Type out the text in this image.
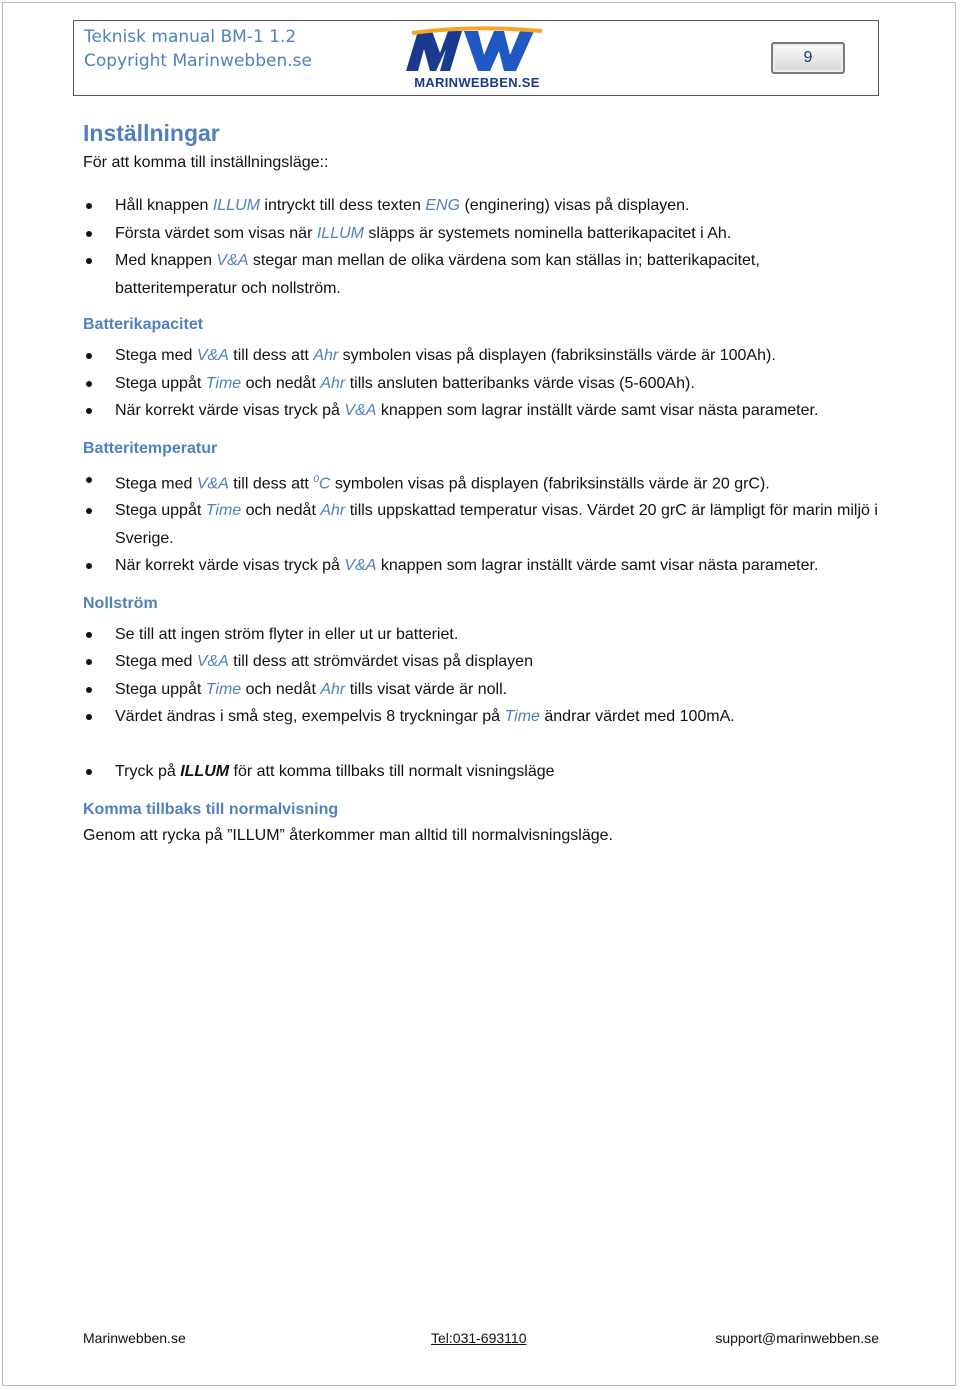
Teknisk manual BM-1 1.2
Copyright Marinwebben.se
MARINWEBBEN.SE
9
Inställningar

För att komma till inställningsläge::

Håll knappen ILLUM intryckt till dess texten ENG (enginering) visas på displayen.
Första värdet som visas när ILLUM släpps är systemets nominella batterikapacitet i Ah.
Med knappen V&A stegar man mellan de olika värdena som kan ställas in; batterikapacitet, batteritemperatur och nollström.
Batterikapacitet
Stega med V&A till dess att Ahr symbolen visas på displayen (fabriksinställs värde är 100Ah).
Stega uppåt Time och nedåt Ahr tills ansluten batteribanks värde visas (5-600Ah).
När korrekt värde visas tryck på V&A knappen som lagrar inställt värde samt visar nästa parameter.
Batteritemperatur
Stega med V&A till dess att $^0$C symbolen visas på displayen (fabriksinställs värde är 20 grC).
Stega uppåt Time och nedåt Ahr tills uppskattad temperatur visas. Värdet 20 grC är lämpligt för marin miljö i Sverige.
När korrekt värde visas tryck på V&A knappen som lagrar inställt värde samt visar nästa parameter.
Nollström
Se till att ingen ström flyter in eller ut ur batteriet.
Stega med V&A till dess att strömvärdet visas på displayen
Stega uppåt Time och nedåt Ahr tills visat värde är noll.
Värdet ändras i små steg, exempelvis 8 tryckningar på Time ändrar värdet med 100mA.
Tryck på ILLUM för att komma tillbaks till normalt visningsläge
Komma tillbaks till normalvisning
Genom att rycka på ”ILLUM” återkommer man alltid till normalvisningsläge.
Marinwebben.se	Tel:031-693110	support@marinwebben.se
